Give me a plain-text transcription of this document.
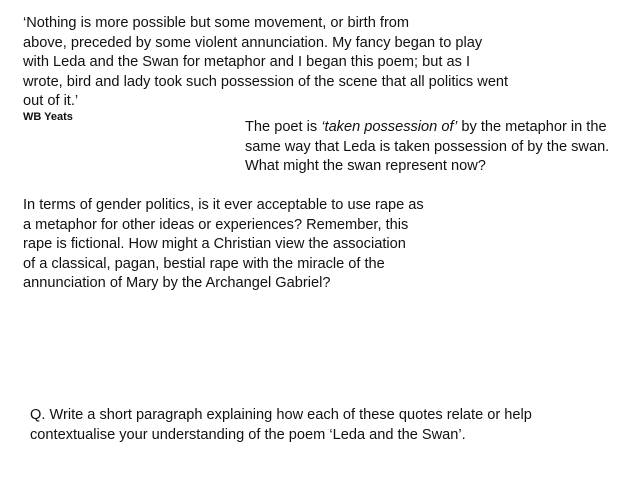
‘Nothing is more possible but some movement, or birth from
above, preceded by some violent annunciation. My fancy began to play
with Leda and the Swan for metaphor and I began this poem; but as I
wrote, bird and lady took such possession of the scene that all politics went
out of it.’
WB Yeats
The poet is ‘taken possession of’ by the metaphor in the
same way that Leda is taken possession of by the swan.
What might the swan represent now?
In terms of gender politics, is it ever acceptable to use rape as
a metaphor for other ideas or experiences? Remember, this
rape is fictional. How might a Christian view the association
of a classical, pagan, bestial rape with the miracle of the
annunciation of Mary by the Archangel Gabriel?
Q. Write a short paragraph explaining how each of these quotes relate or help
contextualise your understanding of the poem ‘Leda and the Swan’.
